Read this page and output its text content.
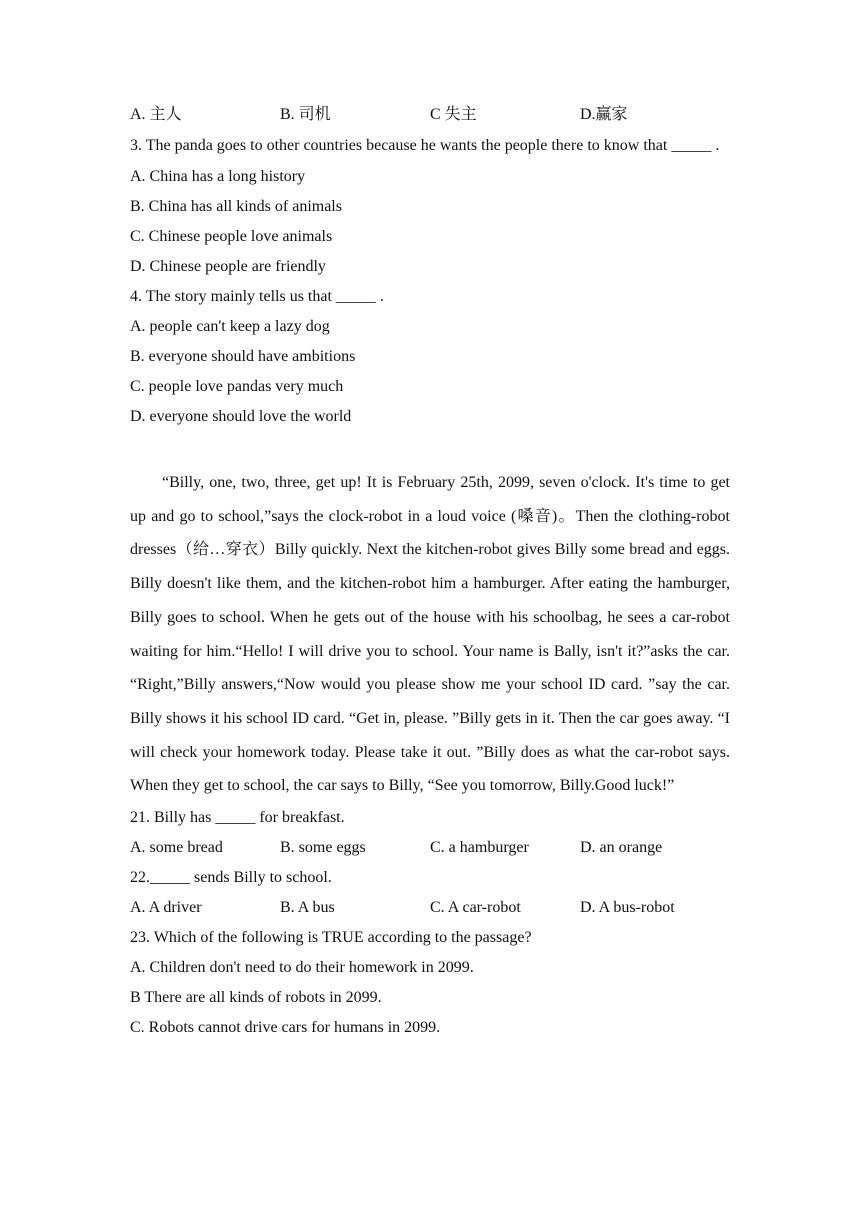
A. 主人	B. 司机	C 失主	D.赢家
3. The panda goes to other countries because he wants the people there to know that _____ .
A. China has a long history
B. China has all kinds of animals
C. Chinese people love animals
D. Chinese people are friendly
4. The story mainly tells us that _____ .
A. people can't keep a lazy dog
B. everyone should have ambitions
C. people love pandas very much
D. everyone should love the world
“Billy, one, two, three, get up! It is February 25th, 2099, seven o'clock. It's time to get up and go to school,”says the clock-robot in a loud voice (嗓音)。Then the clothing-robot dresses（给…穿衣）Billy quickly. Next the kitchen-robot gives Billy some bread and eggs. Billy doesn't like them, and the kitchen-robot him a hamburger. After eating the hamburger, Billy goes to school. When he gets out of the house with his schoolbag, he sees a car-robot waiting for him.“Hello! I will drive you to school. Your name is Bally, isn't it?”asks the car. “Right,”Billy answers,“Now would you please show me your school ID card. ”say the car. Billy shows it his school ID card. “Get in, please. ”Billy gets in it. Then the car goes away. “I will check your homework today. Please take it out. ”Billy does as what the car-robot says. When they get to school, the car says to Billy, “See you tomorrow, Billy.Good luck!”
21. Billy has _____ for breakfast.
A. some bread	B. some eggs	C. a hamburger	D. an orange
22._____ sends Billy to school.
A. A driver	B. A bus	C. A car-robot	D. A bus-robot
23. Which of the following is TRUE according to the passage?
A. Children don't need to do their homework in 2099.
B There are all kinds of robots in 2099.
C. Robots cannot drive cars for humans in 2099.
